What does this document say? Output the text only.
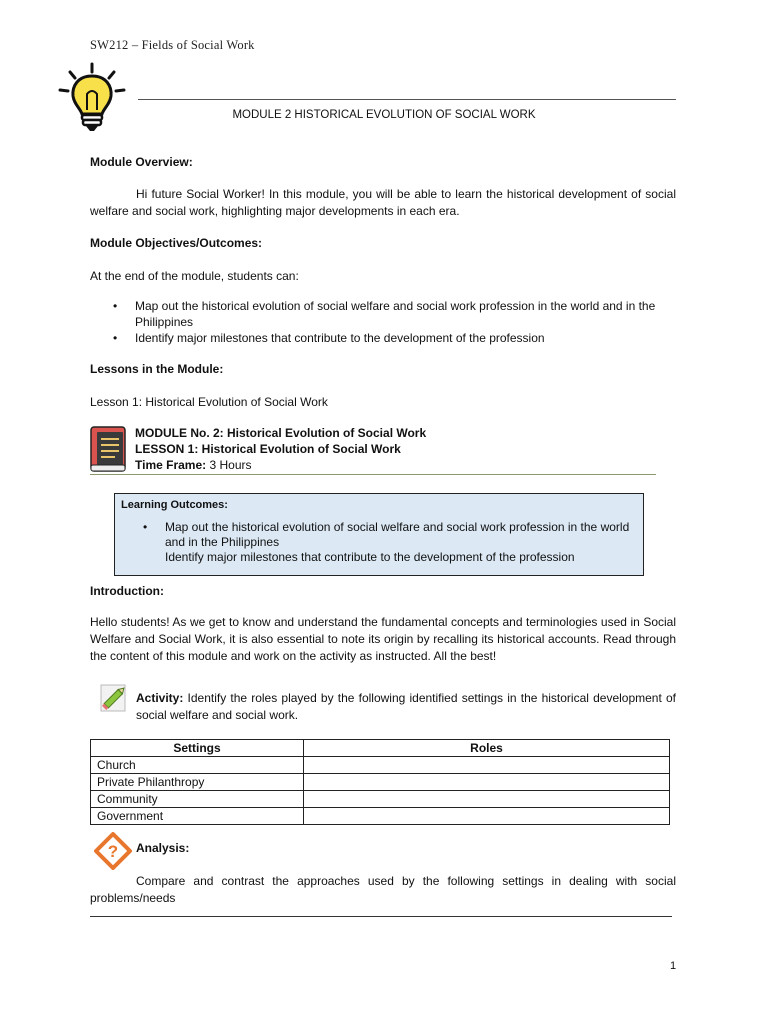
SW212 – Fields of Social Work
MODULE 2 HISTORICAL EVOLUTION OF SOCIAL WORK
Module Overview:
Hi future Social Worker! In this module, you will be able to learn the historical development of social welfare and social work, highlighting major developments in each era.
Module Objectives/Outcomes:
At the end of the module, students can:
•	Map out the historical evolution of social welfare and social work profession in the world and in the Philippines
•	Identify major milestones that contribute to the development of the profession
Lessons in the Module:
Lesson 1: Historical Evolution of Social Work
MODULE No. 2: Historical Evolution of Social Work
LESSON 1: Historical Evolution of Social Work
Time Frame: 3 Hours
Learning Outcomes:
•	Map out the historical evolution of social welfare and social work profession in the world and in the Philippines
Identify major milestones that contribute to the development of the profession
Introduction:
Hello students! As we get to know and understand the fundamental concepts and terminologies used in Social Welfare and Social Work, it is also essential to note its origin by recalling its historical accounts. Read through the content of this module and work on the activity as instructed. All the best!
Activity: Identify the roles played by the following identified settings in the historical development of social welfare and social work.
Settings	Roles
Church	
Private Philanthropy	
Community	
Government	
? Analysis:
Compare and contrast the approaches used by the following settings in dealing with social problems/needs
1
